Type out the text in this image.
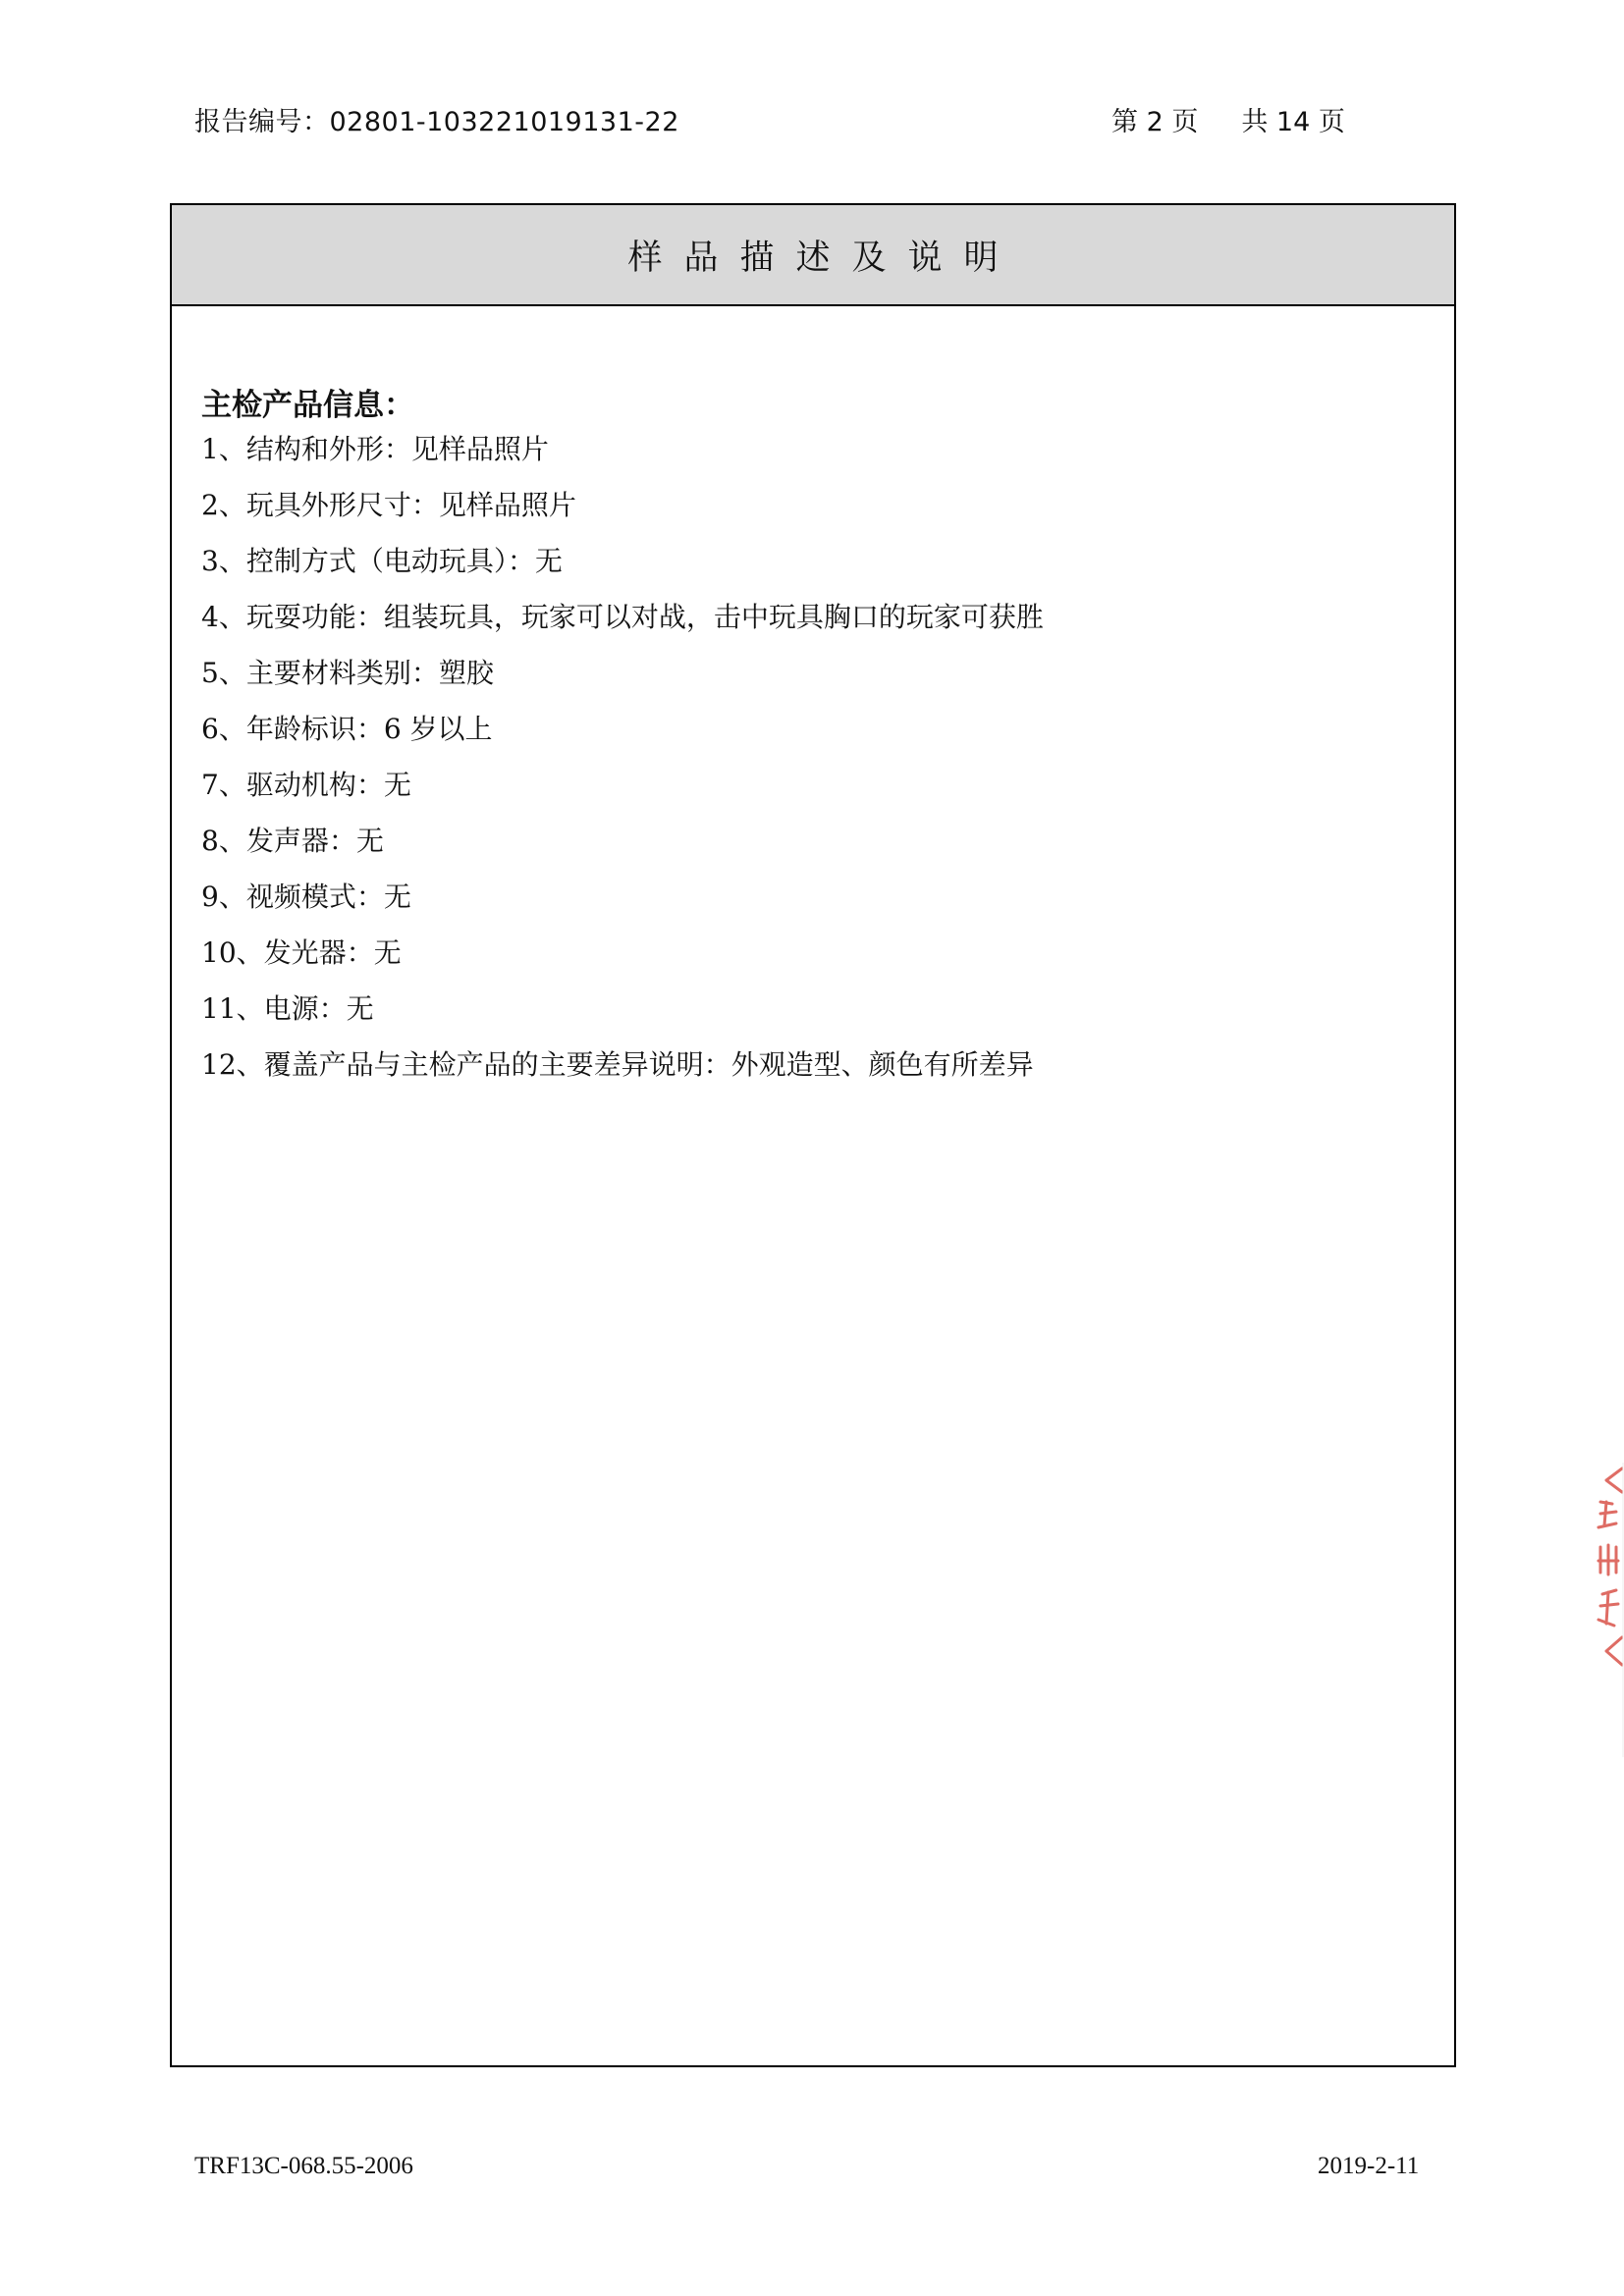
报告编号：02801-103221019131-22	第 2 页 共 14 页
样品描述及说明
主检产品信息：
1、结构和外形：见样品照片
2、玩具外形尺寸：见样品照片
3、控制方式（电动玩具）：无
4、玩耍功能：组装玩具，玩家可以对战，击中玩具胸口的玩家可获胜
5、主要材料类别：塑胶
6、年龄标识：6 岁以上
7、驱动机构：无
8、发声器：无
9、视频模式：无
10、发光器：无
11、电源：无
12、覆盖产品与主检产品的主要差异说明：外观造型、颜色有所差异
TRF13C-068.55-2006	2019-2-11
